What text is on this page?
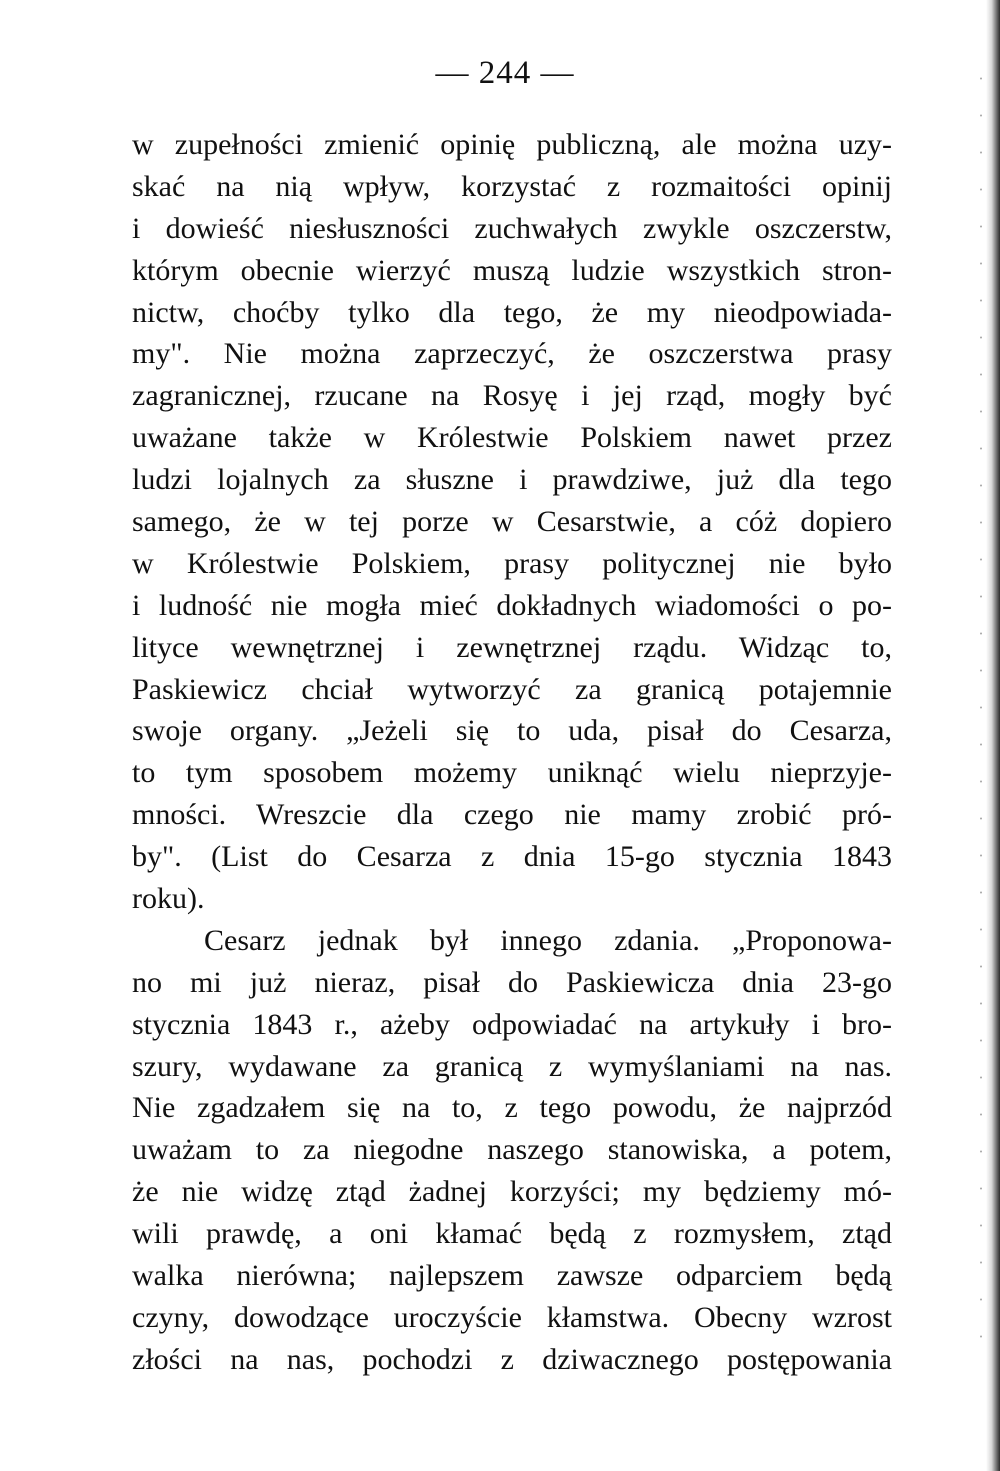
— 244 —

w zupełności zmienić opinię publiczną, ale można uzy-
skać na nią wpływ, korzystać z rozmaitości opinij
i dowieść niesłuszności zuchwałych zwykle oszczerstw,
którym obecnie wierzyć muszą ludzie wszystkich stron-
nictw, choćby tylko dla tego, że my nieodpowiada-
my". Nie można zaprzeczyć, że oszczerstwa prasy
zagranicznej, rzucane na Rosyę i jej rząd, mogły być
uważane także w Królestwie Polskiem nawet przez
ludzi lojalnych za słuszne i prawdziwe, już dla tego
samego, że w tej porze w Cesarstwie, a cóż dopiero
w Królestwie Polskiem, prasy politycznej nie było
i ludność nie mogła mieć dokładnych wiadomości o po-
lityce wewnętrznej i zewnętrznej rządu. Widząc to,
Paskiewicz chciał wytworzyć za granicą potajemnie
swoje organy. „Jeżeli się to uda, pisał do Cesarza,
to tym sposobem możemy uniknąć wielu nieprzyje-
mności. Wreszcie dla czego nie mamy zrobić pró-
by". (List do Cesarza z dnia 15-go stycznia 1843
roku).

Cesarz jednak był innego zdania. „Proponowa-
no mi już nieraz, pisał do Paskiewicza dnia 23-go
stycznia 1843 r., ażeby odpowiadać na artykuły i bro-
szury, wydawane za granicą z wymyślaniami na nas.
Nie zgadzałem się na to, z tego powodu, że najprzód
uważam to za niegodne naszego stanowiska, a potem,
że nie widzę ztąd żadnej korzyści; my będziemy mó-
wili prawdę, a oni kłamać będą z rozmysłem, ztąd
walka nierówna; najlepszem zawsze odparciem będą
czyny, dowodzące uroczyście kłamstwa. Obecny wzrost
złości na nas, pochodzi z dziwacznego postępowania
